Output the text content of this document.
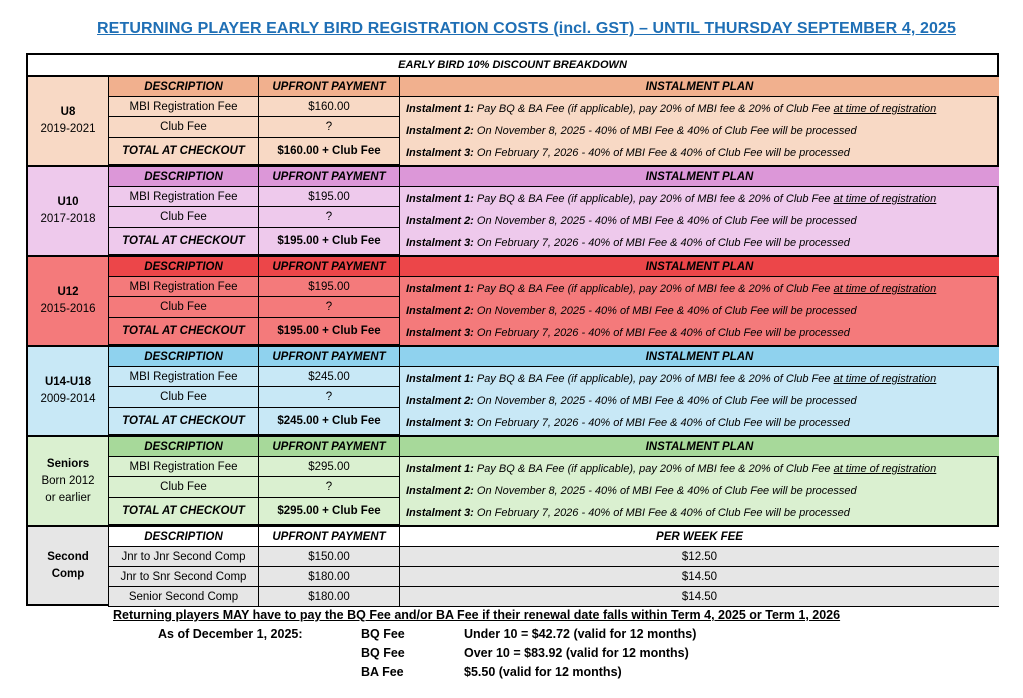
RETURNING PLAYER EARLY BIRD REGISTRATION COSTS (incl. GST) – UNTIL THURSDAY SEPTEMBER 4, 2025
EARLY BIRD 10% DISCOUNT BREAKDOWN
U8
2019-2021
DESCRIPTION	UPFRONT PAYMENT	INSTALMENT PLAN
MBI Registration Fee	$160.00
Club Fee	?
TOTAL AT CHECKOUT	$160.00 + Club Fee
Instalment 1: Pay BQ & BA Fee (if applicable), pay 20% of MBI fee & 20% of Club Fee at time of registration
Instalment 2: On November 8, 2025 - 40% of MBI Fee & 40% of Club Fee will be processed
Instalment 3: On February 7, 2026 - 40% of MBI Fee & 40% of Club Fee will be processed
U10
2017-2018
DESCRIPTION	UPFRONT PAYMENT	INSTALMENT PLAN
MBI Registration Fee	$195.00
Club Fee	?
TOTAL AT CHECKOUT	$195.00 + Club Fee
Instalment 1: Pay BQ & BA Fee (if applicable), pay 20% of MBI fee & 20% of Club Fee at time of registration
Instalment 2: On November 8, 2025 - 40% of MBI Fee & 40% of Club Fee will be processed
Instalment 3: On February 7, 2026 - 40% of MBI Fee & 40% of Club Fee will be processed
U12
2015-2016
DESCRIPTION	UPFRONT PAYMENT	INSTALMENT PLAN
MBI Registration Fee	$195.00
Club Fee	?
TOTAL AT CHECKOUT	$195.00 + Club Fee
Instalment 1: Pay BQ & BA Fee (if applicable), pay 20% of MBI fee & 20% of Club Fee at time of registration
Instalment 2: On November 8, 2025 - 40% of MBI Fee & 40% of Club Fee will be processed
Instalment 3: On February 7, 2026 - 40% of MBI Fee & 40% of Club Fee will be processed
U14-U18
2009-2014
DESCRIPTION	UPFRONT PAYMENT	INSTALMENT PLAN
MBI Registration Fee	$245.00
Club Fee	?
TOTAL AT CHECKOUT	$245.00 + Club Fee
Instalment 1: Pay BQ & BA Fee (if applicable), pay 20% of MBI fee & 20% of Club Fee at time of registration
Instalment 2: On November 8, 2025 - 40% of MBI Fee & 40% of Club Fee will be processed
Instalment 3: On February 7, 2026 - 40% of MBI Fee & 40% of Club Fee will be processed
Seniors
Born 2012
or earlier
DESCRIPTION	UPFRONT PAYMENT	INSTALMENT PLAN
MBI Registration Fee	$295.00
Club Fee	?
TOTAL AT CHECKOUT	$295.00 + Club Fee
Instalment 1: Pay BQ & BA Fee (if applicable), pay 20% of MBI fee & 20% of Club Fee at time of registration
Instalment 2: On November 8, 2025 - 40% of MBI Fee & 40% of Club Fee will be processed
Instalment 3: On February 7, 2026 - 40% of MBI Fee & 40% of Club Fee will be processed
Second
Comp
DESCRIPTION	UPFRONT PAYMENT	PER WEEK FEE
Jnr to Jnr Second Comp	$150.00	$12.50
Jnr to Snr Second Comp	$180.00	$14.50
Senior Second Comp	$180.00	$14.50
Returning players MAY have to pay the BQ Fee and/or BA Fee if their renewal date falls within Term 4, 2025 or Term 1, 2026
As of December 1, 2025:	BQ Fee	Under 10 = $42.72 (valid for 12 months)
BQ Fee	Over 10 = $83.92 (valid for 12 months)
BA Fee	$5.50 (valid for 12 months)
